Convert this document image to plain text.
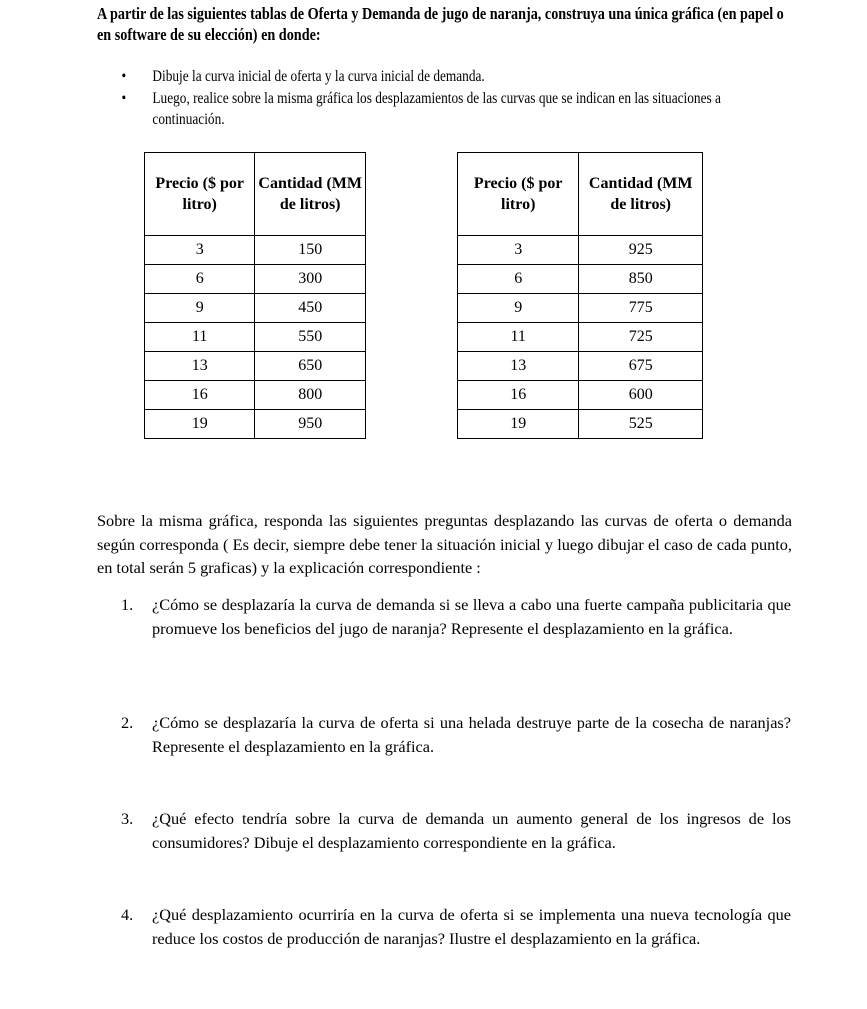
A partir de las siguientes tablas de Oferta y Demanda de jugo de naranja, construya una única gráfica (en papel o en software de su elección) en donde:
• Dibuje la curva inicial de oferta y la curva inicial de demanda.
• Luego, realice sobre la misma gráfica los desplazamientos de las curvas que se indican en las situaciones a continuación.
Precio ($ por litro)	Cantidad (MM de litros)
3	150
6	300
9	450
11	550
13	650
16	800
19	950
Precio ($ por litro)	Cantidad (MM de litros)
3	925
6	850
9	775
11	725
13	675
16	600
19	525

Sobre la misma gráfica, responda las siguientes preguntas desplazando las curvas de oferta o demanda según corresponda ( Es decir, siempre debe tener la situación inicial y luego dibujar el caso de cada punto, en total serán 5 graficas) y la explicación correspondiente :

1. ¿Cómo se desplazaría la curva de demanda si se lleva a cabo una fuerte campaña publicitaria que promueve los beneficios del jugo de naranja? Represente el desplazamiento en la gráfica.
2. ¿Cómo se desplazaría la curva de oferta si una helada destruye parte de la cosecha de naranjas? Represente el desplazamiento en la gráfica.
3. ¿Qué efecto tendría sobre la curva de demanda un aumento general de los ingresos de los consumidores? Dibuje el desplazamiento correspondiente en la gráfica.
4. ¿Qué desplazamiento ocurriría en la curva de oferta si se implementa una nueva tecnología que reduce los costos de producción de naranjas? Ilustre el desplazamiento en la gráfica.
